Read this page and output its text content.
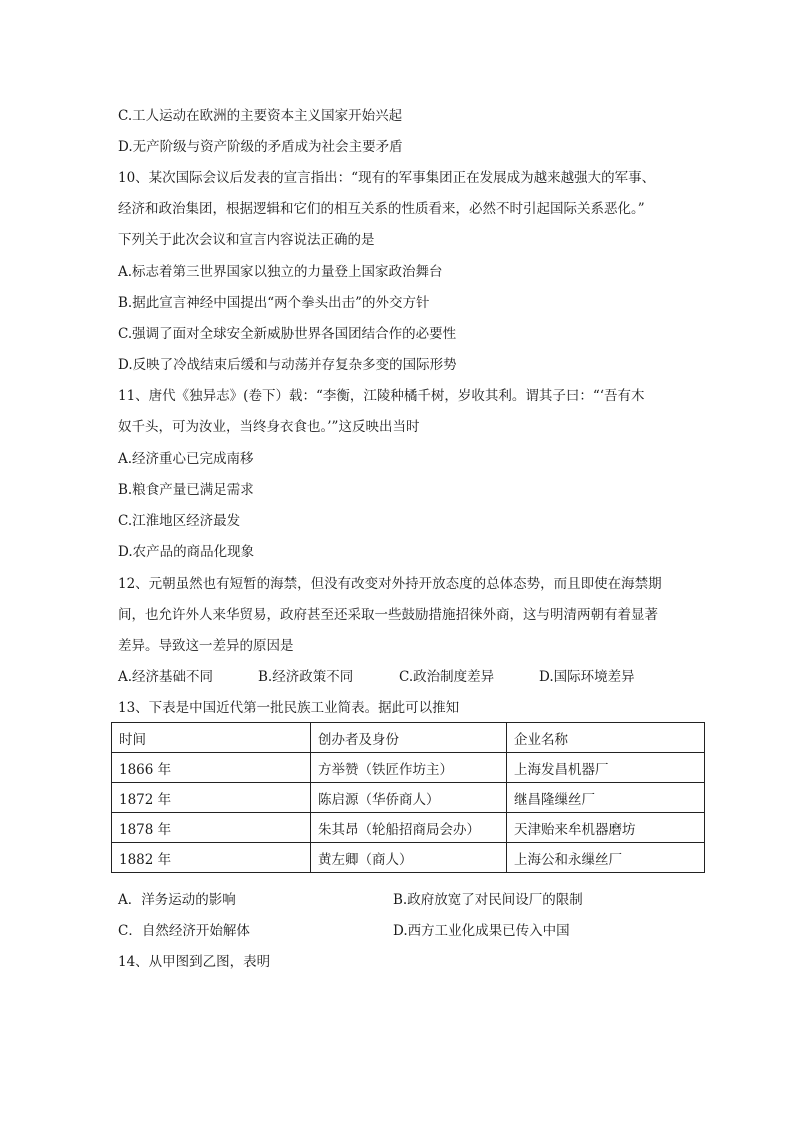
C.工人运动在欧洲的主要资本主义国家开始兴起
D.无产阶级与资产阶级的矛盾成为社会主要矛盾
10、某次国际会议后发表的宣言指出：“现有的军事集团正在发展成为越来越强大的军事、
经济和政治集团，根据逻辑和它们的相互关系的性质看来，必然不时引起国际关系恶化。”
下列关于此次会议和宣言内容说法正确的是
A.标志着第三世界国家以独立的力量登上国家政治舞台
B.据此宣言神经中国提出“两个拳头出击”的外交方针
C.强调了面对全球安全新威胁世界各国团结合作的必要性
D.反映了冷战结束后缓和与动荡并存复杂多变的国际形势
11、唐代《独异志》(卷下）载：“李衡，江陵种橘千树，岁收其利。谓其子曰：“‘吾有木
奴千头，可为汝业，当终身衣食也。’”这反映出当时
A.经济重心已完成南移
B.粮食产量已满足需求
C.江淮地区经济最发
D.农产品的商品化现象
12、元朝虽然也有短暂的海禁，但没有改变对外持开放态度的总体态势，而且即使在海禁期
间，也允许外人来华贸易，政府甚至还采取一些鼓励措施招徕外商，这与明清两朝有着显著
差异。导致这一差异的原因是
A.经济基础不同	B.经济政策不同	C.政治制度差异	D.国际环境差异
13、下表是中国近代第一批民族工业简表。据此可以推知
时间	创办者及身份	企业名称
1866 年	方举赞（铁匠作坊主）	上海发昌机器厂
1872 年	陈启源（华侨商人）	继昌隆缫丝厂
1878 年	朱其昂（轮船招商局会办）	天津贻来牟机器磨坊
1882 年	黄左卿（商人）	上海公和永缫丝厂
A．洋务运动的影响	B.政府放宽了对民间设厂的限制
C．自然经济开始解体	D.西方工业化成果已传入中国
14、从甲图到乙图，表明
